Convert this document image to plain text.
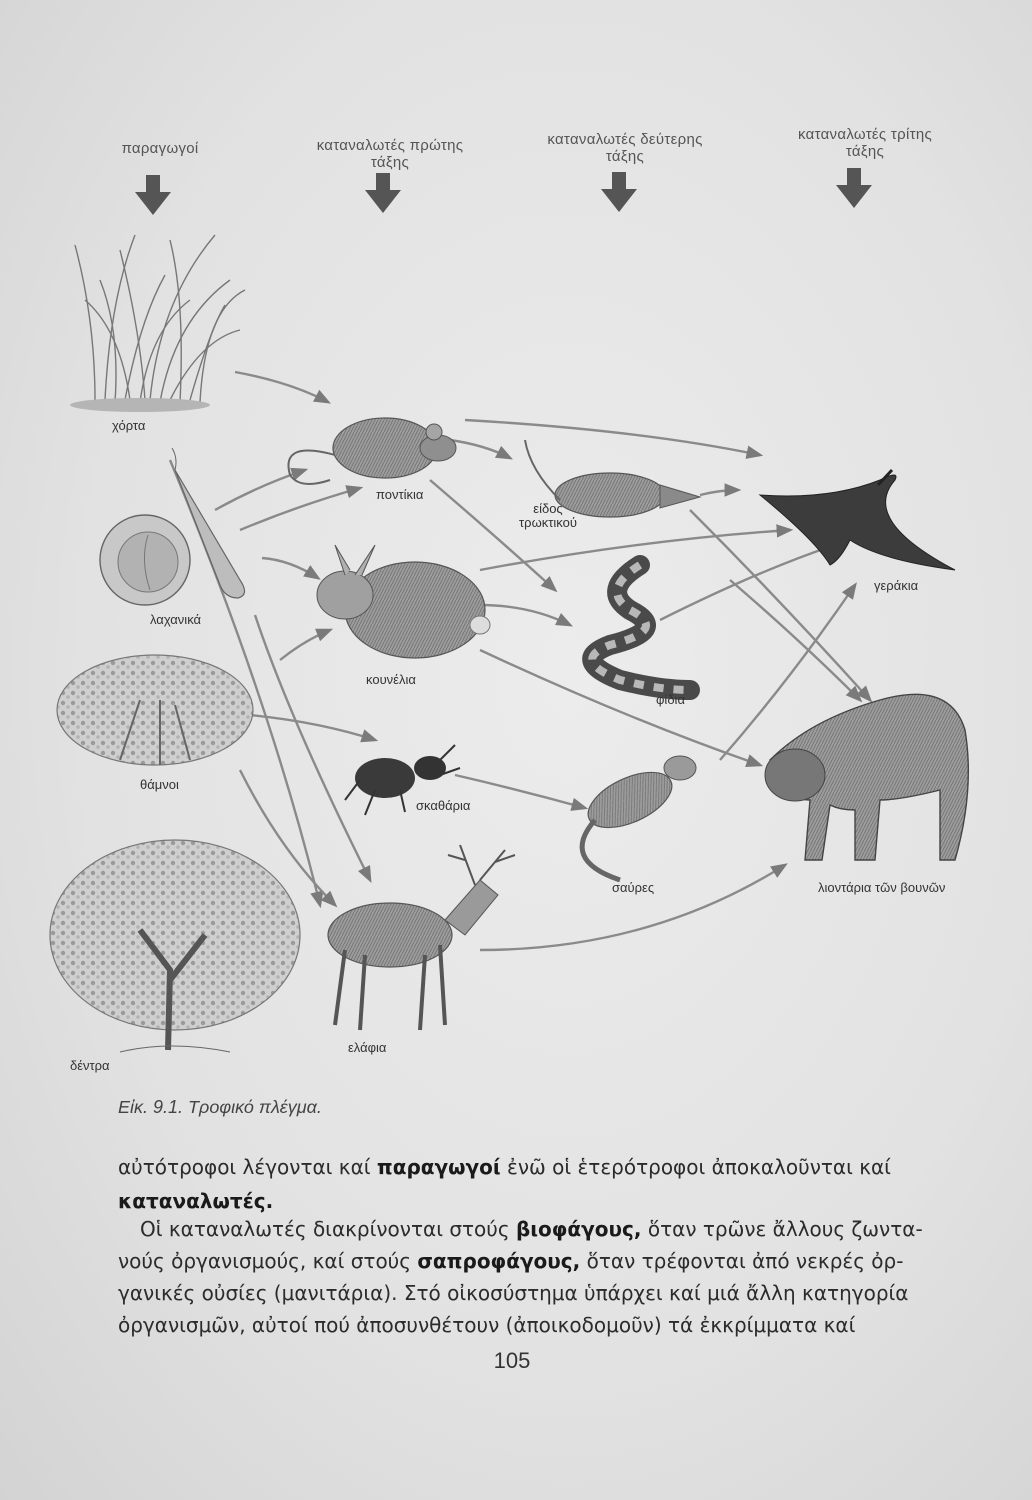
παραγωγοί	καταναλωτές πρώτης
τάξης
καταναλωτές δεύτερης
τάξης
καταναλωτές τρίτης
τάξης
χόρτα
λαχανικά
θάμνοι
δέντρα
ποντίκια
κουνέλια
σκαθάρια
ελάφια
είδος
τρωκτικού
φίδια
σαύρες
γεράκια
λιοντάρια τῶν βουνῶν
Εἰκ. 9.1. Τροφικό πλέγμα.
αὐτότροφοι λέγονται καί παραγωγοί ἐνῶ οἱ ἑτερότροφοι ἀποκαλοῦνται καί
καταναλωτές.
Οἱ καταναλωτές διακρίνονται στούς βιοφάγους, ὅταν τρῶνε ἄλλους ζωντα-
νούς ὀργανισμούς, καί στούς σαπροφάγους, ὅταν τρέφονται ἀπό νεκρές ὀρ-
γανικές οὐσίες (μανιτάρια). Στό οἰκοσύστημα ὑπάρχει καί μιά ἄλλη κατηγορία
ὀργανισμῶν, αὐτοί πού ἀποσυνθέτουν (ἀποικοδομοῦν) τά ἐκκρίμματα καί
105
